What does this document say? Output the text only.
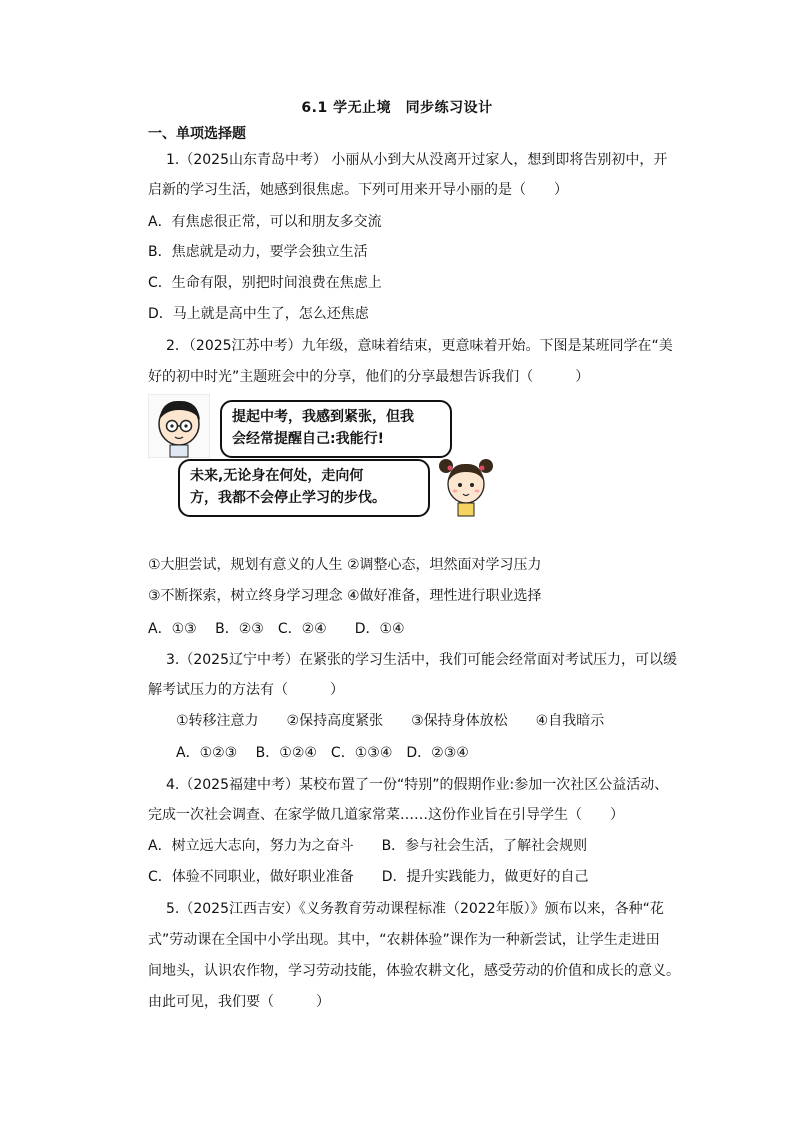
6.1 学无止境　同步练习设计
一、单项选择题
1.（2025山东青岛中考） 小丽从小到大从没离开过家人，想到即将告别初中，开
启新的学习生活，她感到很焦虑。下列可用来开导小丽的是（　　）
A．有焦虑很正常，可以和朋友多交流
B．焦虑就是动力，要学会独立生活
C．生命有限，别把时间浪费在焦虑上
D．马上就是高中生了，怎么还焦虑
2．（2025江苏中考）九年级，意味着结束，更意味着开始。下图是某班同学在“美
好的初中时光”主题班会中的分享，他们的分享最想告诉我们（　　　）
提起中考，我感到紧张，但我
会经常提醒自己:我能行!
未来,无论身在何处，走向何
方，我都不会停止学习的步伐。
①大胆尝试，规划有意义的人生 ②调整心态，坦然面对学习压力
③不断探索，树立终身学习理念 ④做好准备，理性进行职业选择
A．①③　 B．②③　C．②④　　D．①④
3.（2025辽宁中考）在紧张的学习生活中，我们可能会经常面对考试压力，可以缓
解考试压力的方法有（　　　）
①转移注意力　　②保持高度紧张　　③保持身体放松　　④自我暗示
A．①②③　 B．①②④　C．①③④　D．②③④
4.（2025福建中考）某校布置了一份“特别”的假期作业:参加一次社区公益活动、
完成一次社会调查、在家学做几道家常菜……这份作业旨在引导学生（　　）
A．树立远大志向，努力为之奋斗　　B．参与社会生活，了解社会规则
C．体验不同职业，做好职业准备　　D．提升实践能力，做更好的自己
5.（2025江西吉安）《义务教育劳动课程标准（2022年版）》颁布以来，各种“花
式”劳动课在全国中小学出现。其中，“农耕体验”课作为一种新尝试，让学生走进田
间地头，认识农作物，学习劳动技能，体验农耕文化，感受劳动的价值和成长的意义。
由此可见，我们要（　　　）
